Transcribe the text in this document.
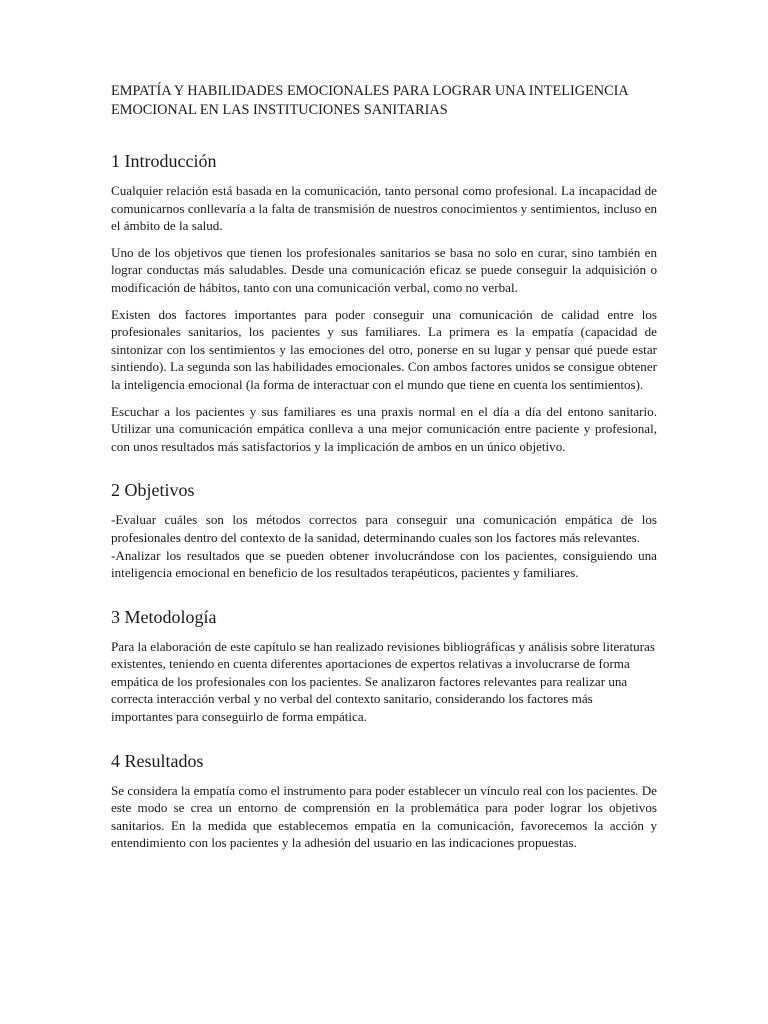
EMPATÍA Y HABILIDADES EMOCIONALES PARA LOGRAR UNA INTELIGENCIA EMOCIONAL EN LAS INSTITUCIONES SANITARIAS
1 Introducción

Cualquier relación está basada en la comunicación, tanto personal como profesional. La incapacidad de comunicarnos conllevaría a la falta de transmisión de nuestros conocimientos y sentimientos, incluso en el ámbito de la salud.

Uno de los objetivos que tienen los profesionales sanitarios se basa no solo en curar, sino también en lograr conductas más saludables. Desde una comunicación eficaz se puede conseguir la adquisición o modificación de hábitos, tanto con una comunicación verbal, como no verbal.

Existen dos factores importantes para poder conseguir una comunicación de calidad entre los profesionales sanitarios, los pacientes y sus familiares. La primera es la empatía (capacidad de sintonizar con los sentimientos y las emociones del otro, ponerse en su lugar y pensar qué puede estar sintiendo). La segunda son las habilidades emocionales. Con ambos factores unidos se consigue obtener la inteligencia emocional (la forma de interactuar con el mundo que tiene en cuenta los sentimientos).

Escuchar a los pacientes y sus familiares es una praxis normal en el día a día del entono sanitario. Utilizar una comunicación empática conlleva a una mejor comunicación entre paciente y profesional, con unos resultados más satisfactorios y la implicación de ambos en un único objetivo.

2 Objetivos

-Evaluar cuáles son los métodos correctos para conseguir una comunicación empática de los profesionales dentro del contexto de la sanidad, determinando cuales son los factores más relevantes.

-Analizar los resultados que se pueden obtener involucrándose con los pacientes, consiguiendo una inteligencia emocional en beneficio de los resultados terapéuticos, pacientes y familiares.

3 Metodología

Para la elaboración de este capítulo se han realizado revisiones bibliográficas y análisis sobre literaturas existentes, teniendo en cuenta diferentes aportaciones de expertos relativas a involucrarse de forma empática de los profesionales con los pacientes. Se analizaron factores relevantes para realizar una correcta interacción verbal y no verbal del contexto sanitario, considerando los factores más importantes para conseguirlo de forma empática.

4 Resultados

Se considera la empatía como el instrumento para poder establecer un vínculo real con los pacientes. De este modo se crea un entorno de comprensión en la problemática para poder lograr los objetivos sanitarios. En la medida que establecemos empatía en la comunicación, favorecemos la acción y entendimiento con los pacientes y la adhesión del usuario en las indicaciones propuestas.
